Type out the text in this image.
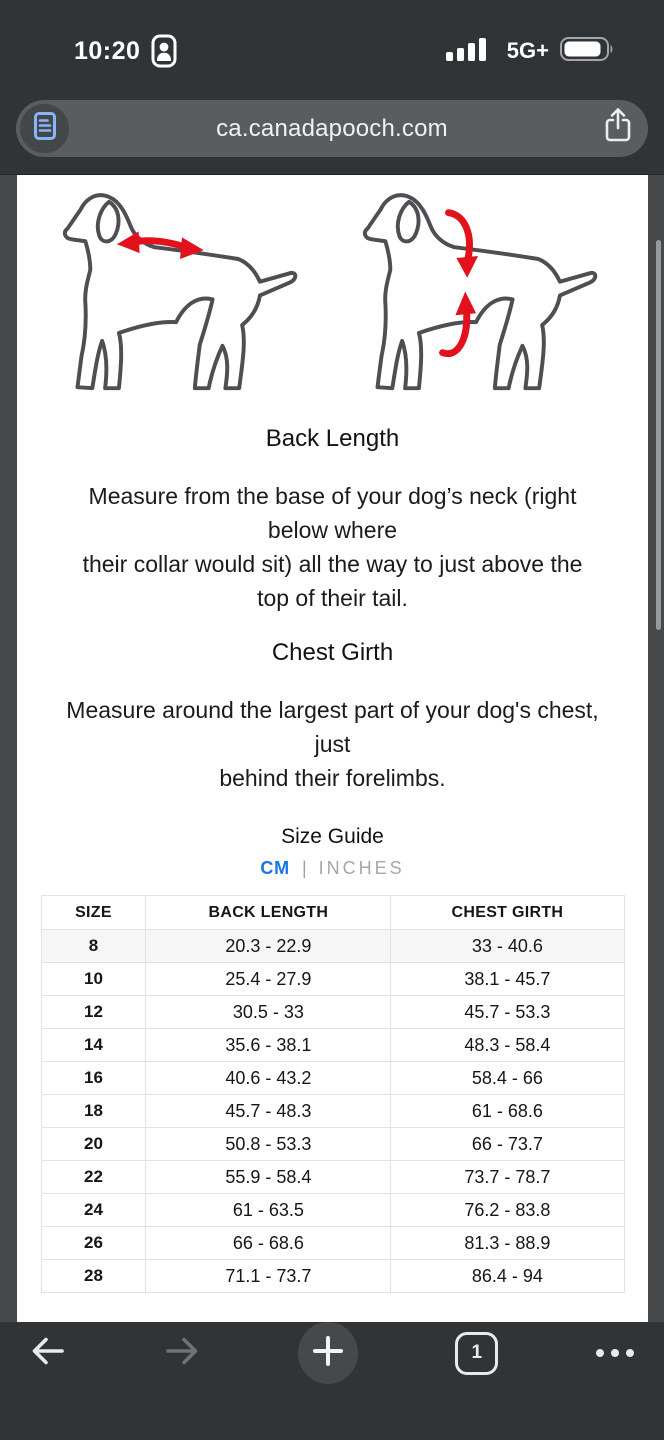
10:20	5G+
ca.canadapooch.com
Back Length
Measure from the base of your dog’s neck (right
below where
their collar would sit) all the way to just above the
top of their tail.
Chest Girth
Measure around the largest part of your dog's chest,
just
behind their forelimbs.
Size Guide
CM | INCHES
SIZE	BACK LENGTH	CHEST GIRTH
8	20.3 - 22.9	33 - 40.6
10	25.4 - 27.9	38.1 - 45.7
12	30.5 - 33	45.7 - 53.3
14	35.6 - 38.1	48.3 - 58.4
16	40.6 - 43.2	58.4 - 66
18	45.7 - 48.3	61 - 68.6
20	50.8 - 53.3	66 - 73.7
22	55.9 - 58.4	73.7 - 78.7
24	61 - 63.5	76.2 - 83.8
26	66 - 68.6	81.3 - 88.9
28	71.1 - 73.7	86.4 - 94
1
